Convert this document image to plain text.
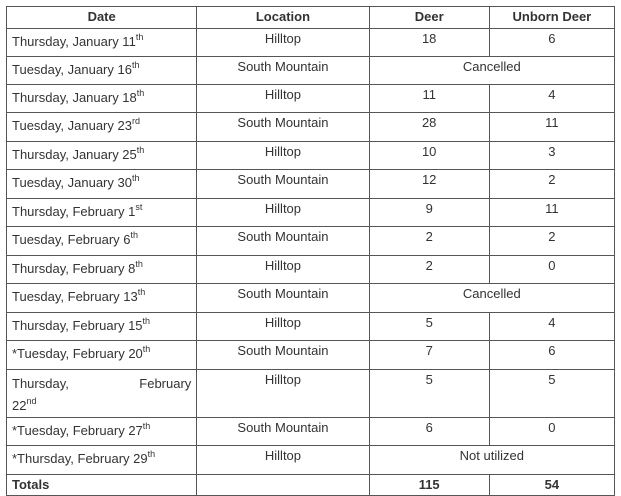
Date	Location	Deer	Unborn Deer
Thursday, January 11th	Hilltop	18	6
Tuesday, January 16th	South Mountain	Cancelled	
Thursday, January 18th	Hilltop	11	4
Tuesday, January 23rd	South Mountain	28	11
Thursday, January 25th	Hilltop	10	3
Tuesday, January 30th	South Mountain	12	2
Thursday, February 1st	Hilltop	9	11
Tuesday, February 6th	South Mountain	2	2
Thursday, February 8th	Hilltop	2	0
Tuesday, February 13th	South Mountain	Cancelled	
Thursday, February 15th	Hilltop	5	4
*Tuesday, February 20th	South Mountain	7	6

Thursday, February
22nd	Hilltop	5	5
*Tuesday, February 27th	South Mountain	6	0
*Thursday, February 29th	Hilltop	Not utilized	
Totals		115	54
